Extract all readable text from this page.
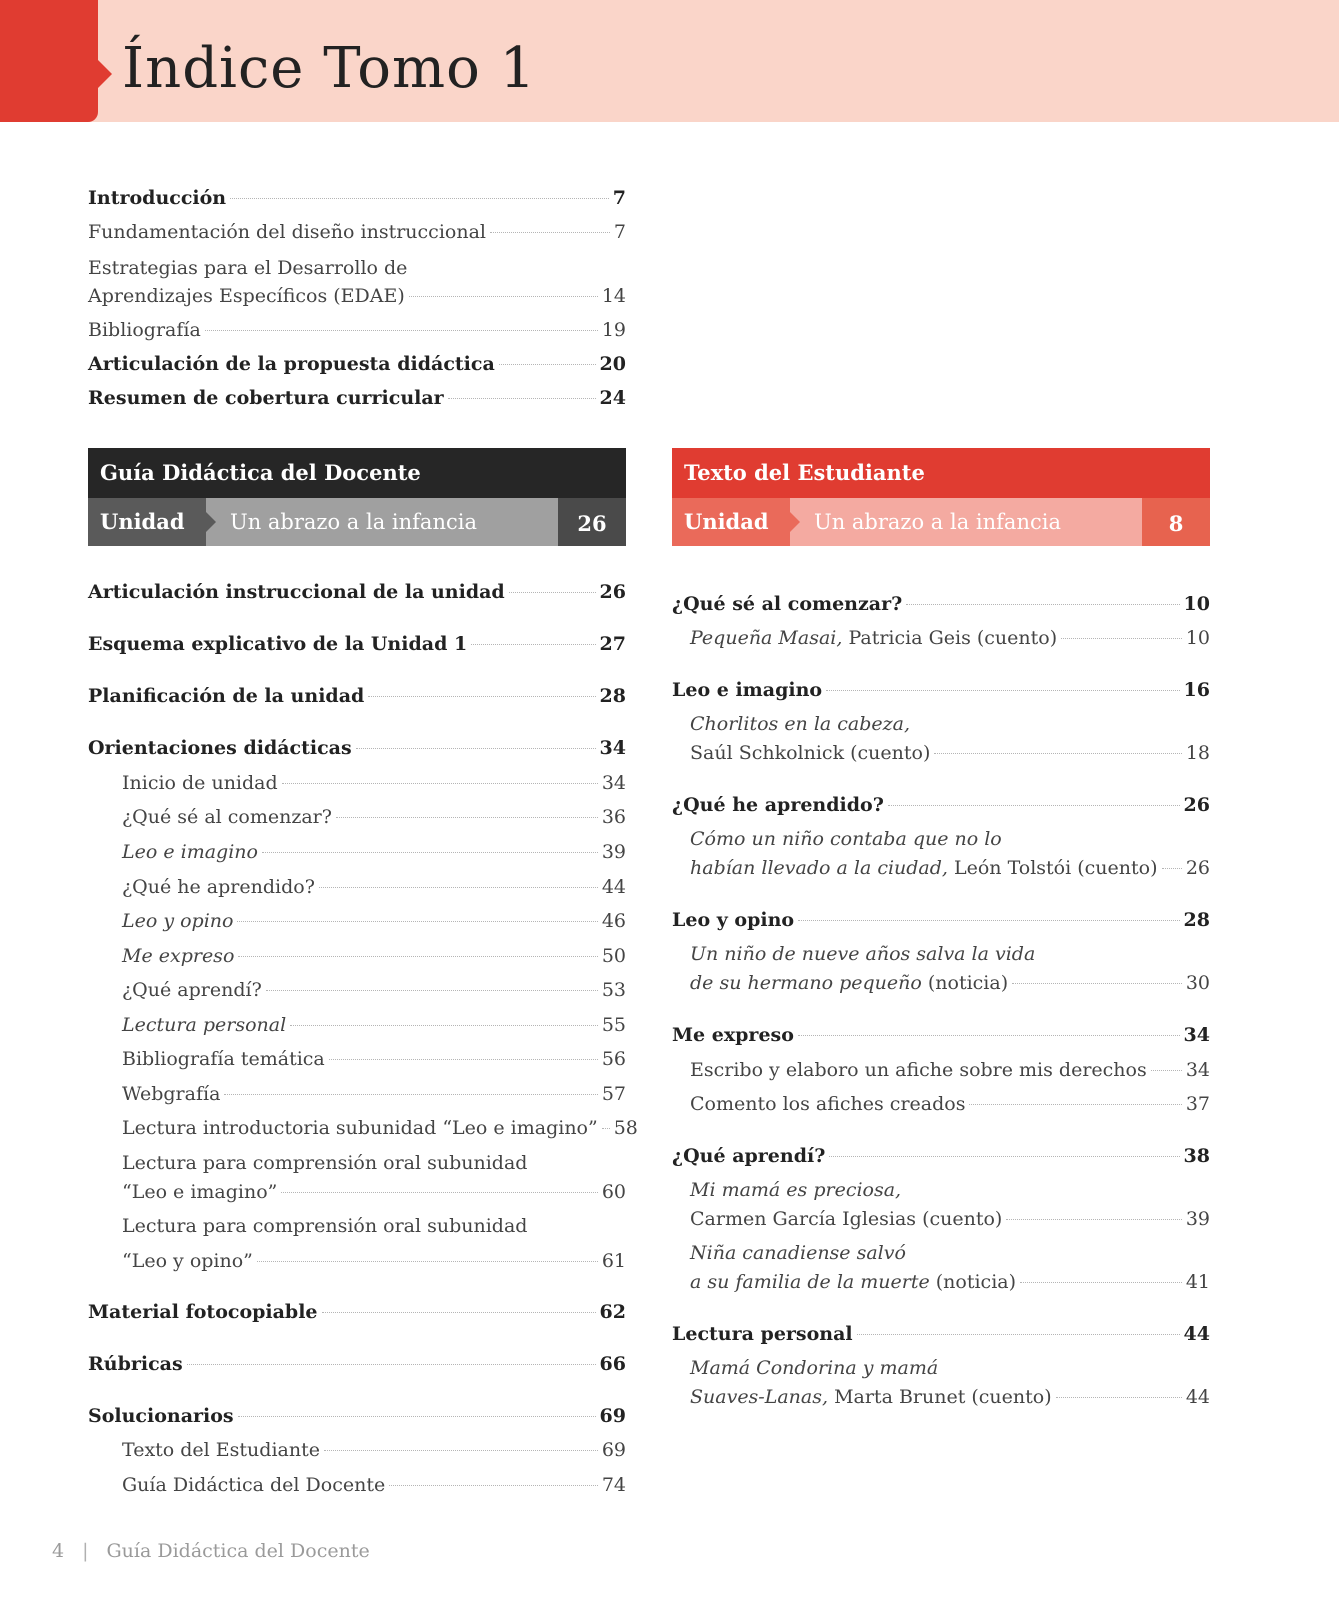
Índice Tomo 1
Introducción	7
Fundamentación del diseño instruccional	7
Estrategias para el Desarrollo de
Aprendizajes Específicos (EDAE)	14
Bibliografía	19
Articulación de la propuesta didáctica	20
Resumen de cobertura curricular	24
Guía Didáctica del Docente
Unidad 1
Un abrazo a la infancia	26
Texto del Estudiante
Unidad 1
Un abrazo a la infancia	8
Articulación instruccional de la unidad	26
Esquema explicativo de la Unidad 1	27
Planificación de la unidad	28
Orientaciones didácticas	34
Inicio de unidad	34
¿Qué sé al comenzar?	36
Leo e imagino	39
¿Qué he aprendido?	44
Leo y opino	46
Me expreso	50
¿Qué aprendí?	53
Lectura personal	55
Bibliografía temática	56
Webgrafía	57
Lectura introductoria subunidad “Leo e imagino” 58
Lectura para comprensión oral subunidad
“Leo e imagino”	60
Lectura para comprensión oral subunidad
“Leo y opino”	61
Material fotocopiable	62
Rúbricas	66
Solucionarios	69
Texto del Estudiante	69
Guía Didáctica del Docente	74
¿Qué sé al comenzar?	10
Pequeña Masai, Patricia Geis (cuento)	10
Leo e imagino	16
Chorlitos en la cabeza,
Saúl Schkolnick (cuento)	18
¿Qué he aprendido?	26
Cómo un niño contaba que no lo
habían llevado a la ciudad, León Tolstói (cuento) 26
Leo y opino	28
Un niño de nueve años salva la vida
de su hermano pequeño (noticia)	30
Me expreso	34
Escribo y elaboro un afiche sobre mis derechos 34
Comento los afiches creados	37
¿Qué aprendí?	38
Mi mamá es preciosa,
Carmen García Iglesias (cuento)	39
Niña canadiense salvó
a su familia de la muerte (noticia)	41
Lectura personal	44
Mamá Condorina y mamá
Suaves-Lanas, Marta Brunet (cuento)	44
4 | Guía Didáctica del Docente
